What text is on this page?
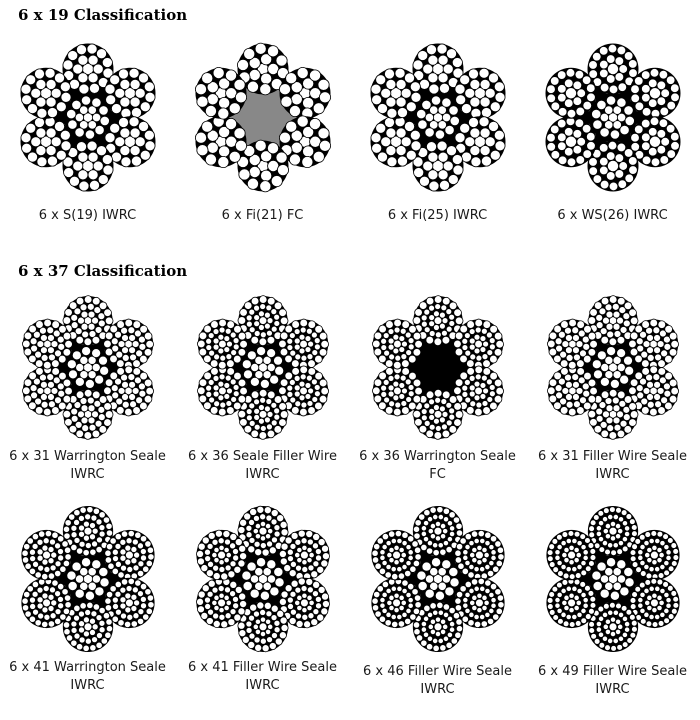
6 x 19 Classification
6 x 37 Classification
6 x S(19) IWRC	6 x Fi(21) FC	6 x Fi(25) IWRC	6 x WS(26) IWRC
6 x 31 Warrington Seale
IWRC
6 x 36 Seale Filler Wire
IWRC
6 x 36 Warrington Seale
FC
6 x 31 Filler Wire Seale
IWRC
6 x 41 Warrington Seale
IWRC
6 x 41 Filler Wire Seale
IWRC
6 x 46 Filler Wire Seale
IWRC
6 x 49 Filler Wire Seale
IWRC
